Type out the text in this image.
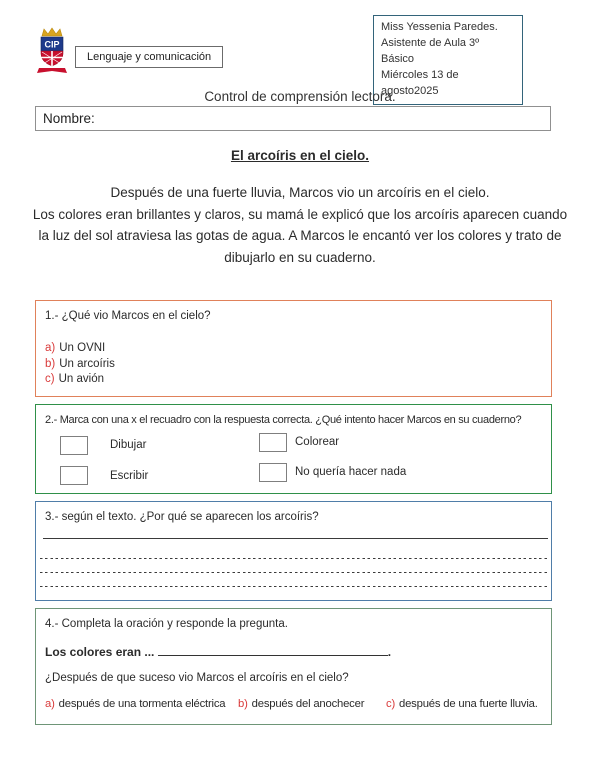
CIP
Lenguaje y comunicación
Miss Yessenia Paredes.
Asistente de Aula 3º Básico
Miércoles 13 de agosto2025
Control de comprensión lectora.
Nombre:
El arcoíris en el cielo.
Después de una fuerte lluvia, Marcos vio un arcoíris en el cielo.
Los colores eran brillantes y claros, su mamá le explicó que los arcoíris aparecen cuando la luz del sol atraviesa las gotas de agua. A Marcos le encantó ver los colores y trato de dibujarlo en su cuaderno.
1.- ¿Qué vio Marcos en el cielo?
a) Un OVNI
b) Un arcoíris
c) Un avión
2.- Marca con una x el recuadro con la respuesta correcta. ¿Qué intento hacer Marcos en su cuaderno?
Dibujar	Colorear
Escribir	No quería hacer nada
3.- según el texto. ¿Por qué se aparecen los arcoíris?
4.- Completa la oración y responde la pregunta.
Los colores eran ...	.
¿Después de que suceso vio Marcos el arcoíris en el cielo?
a) después de una tormenta eléctrica	b) después del anochecer	c) después de una fuerte lluvia.
